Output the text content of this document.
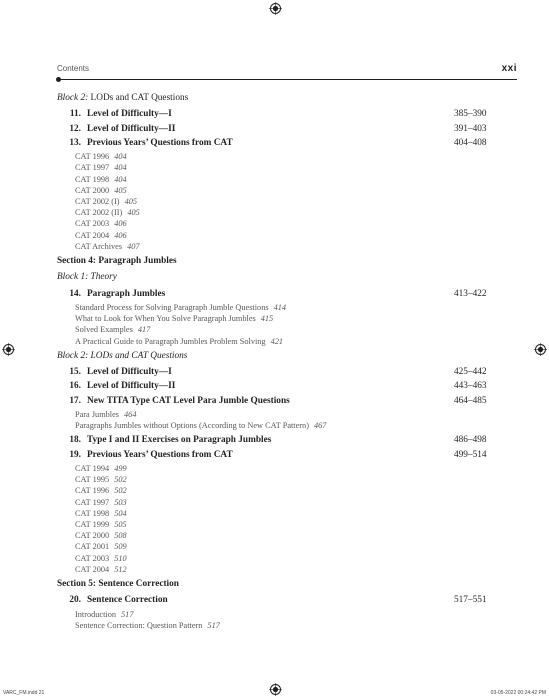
Contents	xxi
Block 2: LODs and CAT Questions
11. Level of Difficulty—I	385–390
12. Level of Difficulty—II	391–403
13. Previous Years’ Questions from CAT	404–408
CAT 1996 404
CAT 1997 404
CAT 1998 404
CAT 2000 405
CAT 2002 (I) 405
CAT 2002 (II) 405
CAT 2003 406
CAT 2004 406
CAT Archives 407
Section 4: Paragraph Jumbles
Block 1: Theory
14. Paragraph Jumbles	413–422
Standard Process for Solving Paragraph Jumble Questions 414
What to Look for When You Solve Paragraph Jumbles 415
Solved Examples 417
A Practical Guide to Paragraph Jumbles Problem Solving 421
Block 2: LODs and CAT Questions
15. Level of Difficulty—I	425–442
16. Level of Difficulty—II	443–463
17. New TITA Type CAT Level Para Jumble Questions	464–485
Para Jumbles 464
Paragraphs Jumbles without Options (According to New CAT Pattern) 467
18. Type I and II Exercises on Paragraph Jumbles	486–498
19. Previous Years’ Questions from CAT	499–514
CAT 1994 499
CAT 1995 502
CAT 1996 502
CAT 1997 503
CAT 1998 504
CAT 1999 505
CAT 2000 508
CAT 2001 509
CAT 2003 510
CAT 2004 512
Section 5: Sentence Correction
20. Sentence Correction	517–551
Introduction 517
Sentence Correction: Question Pattern 517
VARC_FM.indd 21	03-05-2022 00:24:42 PM
